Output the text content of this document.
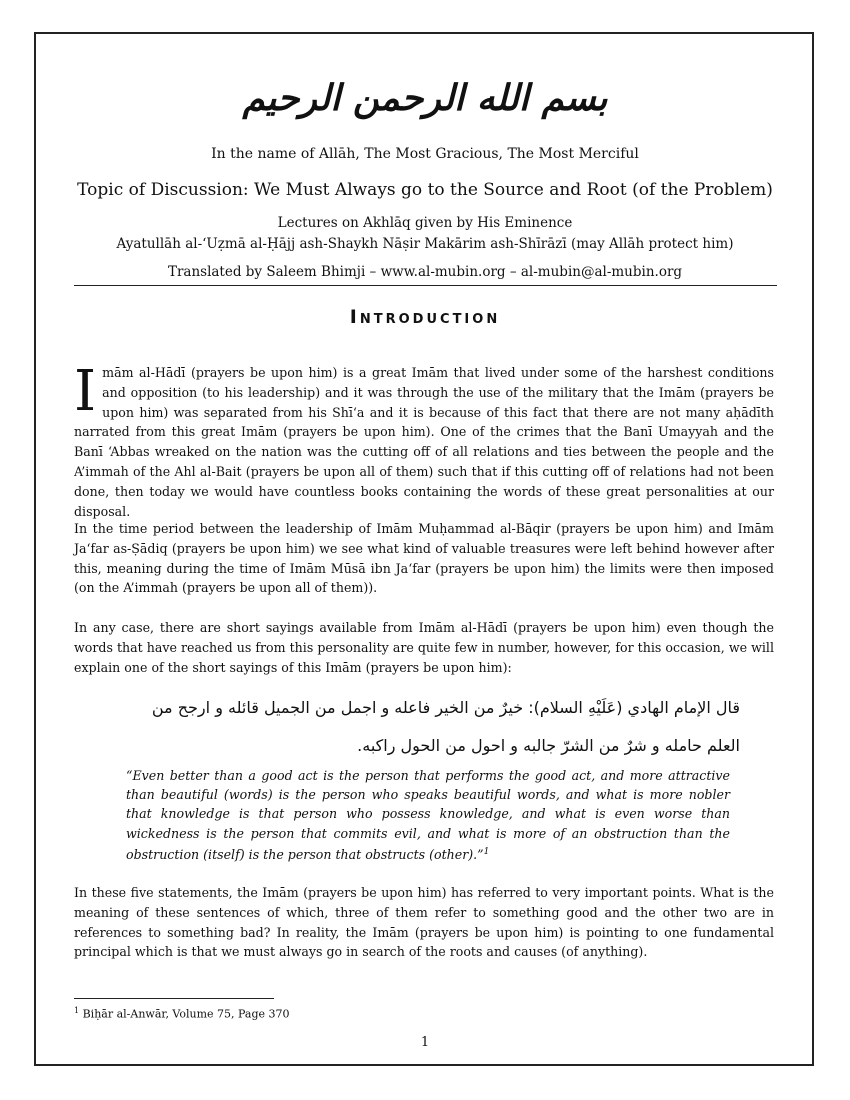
بسم الله الرحمن الرحيم
In the name of Allāh, The Most Gracious, The Most Merciful
Topic of Discussion: We Must Always go to the Source and Root (of the Problem)
Lectures on Akhlāq given by His Eminence
Ayatullāh al-‘Uẓmā al-Ḥājj ash-Shaykh Nāṣir Makārim ash-Shīrāzī (may Allāh protect him)
Translated by Saleem Bhimji – www.al-mubin.org – al-mubin@al-mubin.org
Introduction
Imām al-Hādī (prayers be upon him) is a great Imām that lived under some of the harshest conditions and opposition (to his leadership) and it was through the use of the military that the Imām (prayers be upon him) was separated from his Shī‘a and it is because of this fact that there are not many aḥādīth narrated from this great Imām (prayers be upon him). One of the crimes that the Banī Umayyah and the Banī ‘Abbas wreaked on the nation was the cutting off of all relations and ties between the people and the A’immah of the Ahl al-Bait (prayers be upon all of them) such that if this cutting off of relations had not been done, then today we would have countless books containing the words of these great personalities at our disposal.
In the time period between the leadership of Imām Muḥammad al-Bāqir (prayers be upon him) and Imām Ja‘far as-Ṣādiq (prayers be upon him) we see what kind of valuable treasures were left behind however after this, meaning during the time of Imām Mūsā ibn Ja‘far (prayers be upon him) the limits were then imposed (on the A’immah (prayers be upon all of them)).
In any case, there are short sayings available from Imām al-Hādī (prayers be upon him) even though the words that have reached us from this personality are quite few in number, however, for this occasion, we will explain one of the short sayings of this Imām (prayers be upon him):
قال الإمام الهادي (عَلَيْهِ السلام): خيرٌ من الخير فاعله و اجمل من الجميل قائله و ارجح من
العلم حامله و شرٌ من الشرّ جالبه و احول من الحول راكبه.
“Even better than a good act is the person that performs the good act, and more attractive than beautiful (words) is the person who speaks beautiful words, and what is more nobler that knowledge is that person who possess knowledge, and what is even worse than wickedness is the person that commits evil, and what is more of an obstruction than the obstruction (itself) is the person that obstructs (other).”$^1$
In these five statements, the Imām (prayers be upon him) has referred to very important points. What is the meaning of these sentences of which, three of them refer to something good and the other two are in references to something bad? In reality, the Imām (prayers be upon him) is pointing to one fundamental principal which is that we must always go in search of the roots and causes (of anything).
$^1$ Biḥār al-Anwār, Volume 75, Page 370
1
